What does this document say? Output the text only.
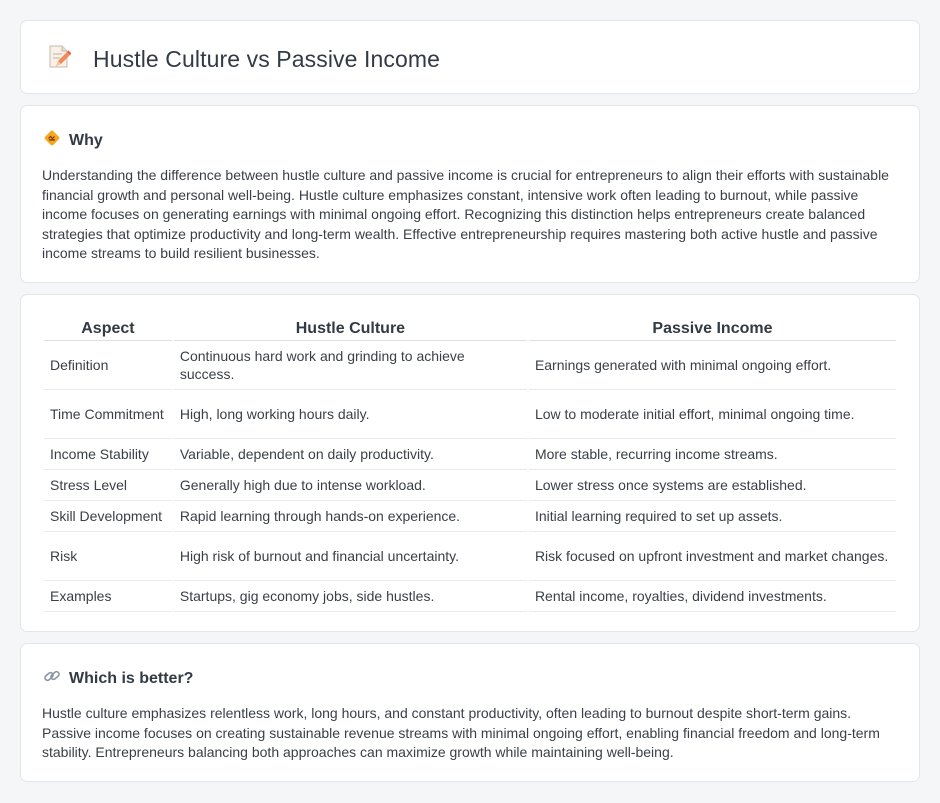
Hustle Culture vs Passive Income
Why

Understanding the difference between hustle culture and passive income is crucial for entrepreneurs to align their efforts with sustainable financial growth and personal well-being. Hustle culture emphasizes constant, intensive work often leading to burnout, while passive income focuses on generating earnings with minimal ongoing effort. Recognizing this distinction helps entrepreneurs create balanced strategies that optimize productivity and long-term wealth. Effective entrepreneurship requires mastering both active hustle and passive income streams to build resilient businesses.

Aspect	Hustle Culture	Passive Income
Definition	Continuous hard work and grinding to achieve success.	Earnings generated with minimal ongoing effort.
Time Commitment	High, long working hours daily.	Low to moderate initial effort, minimal ongoing time.
Income Stability	Variable, dependent on daily productivity.	More stable, recurring income streams.
Stress Level	Generally high due to intense workload.	Lower stress once systems are established.
Skill Development	Rapid learning through hands-on experience.	Initial learning required to set up assets.
Risk	High risk of burnout and financial uncertainty.	Risk focused on upfront investment and market changes.
Examples	Startups, gig economy jobs, side hustles.	Rental income, royalties, dividend investments.
Which is better?

Hustle culture emphasizes relentless work, long hours, and constant productivity, often leading to burnout despite short-term gains. Passive income focuses on creating sustainable revenue streams with minimal ongoing effort, enabling financial freedom and long-term stability. Entrepreneurs balancing both approaches can maximize growth while maintaining well-being.
